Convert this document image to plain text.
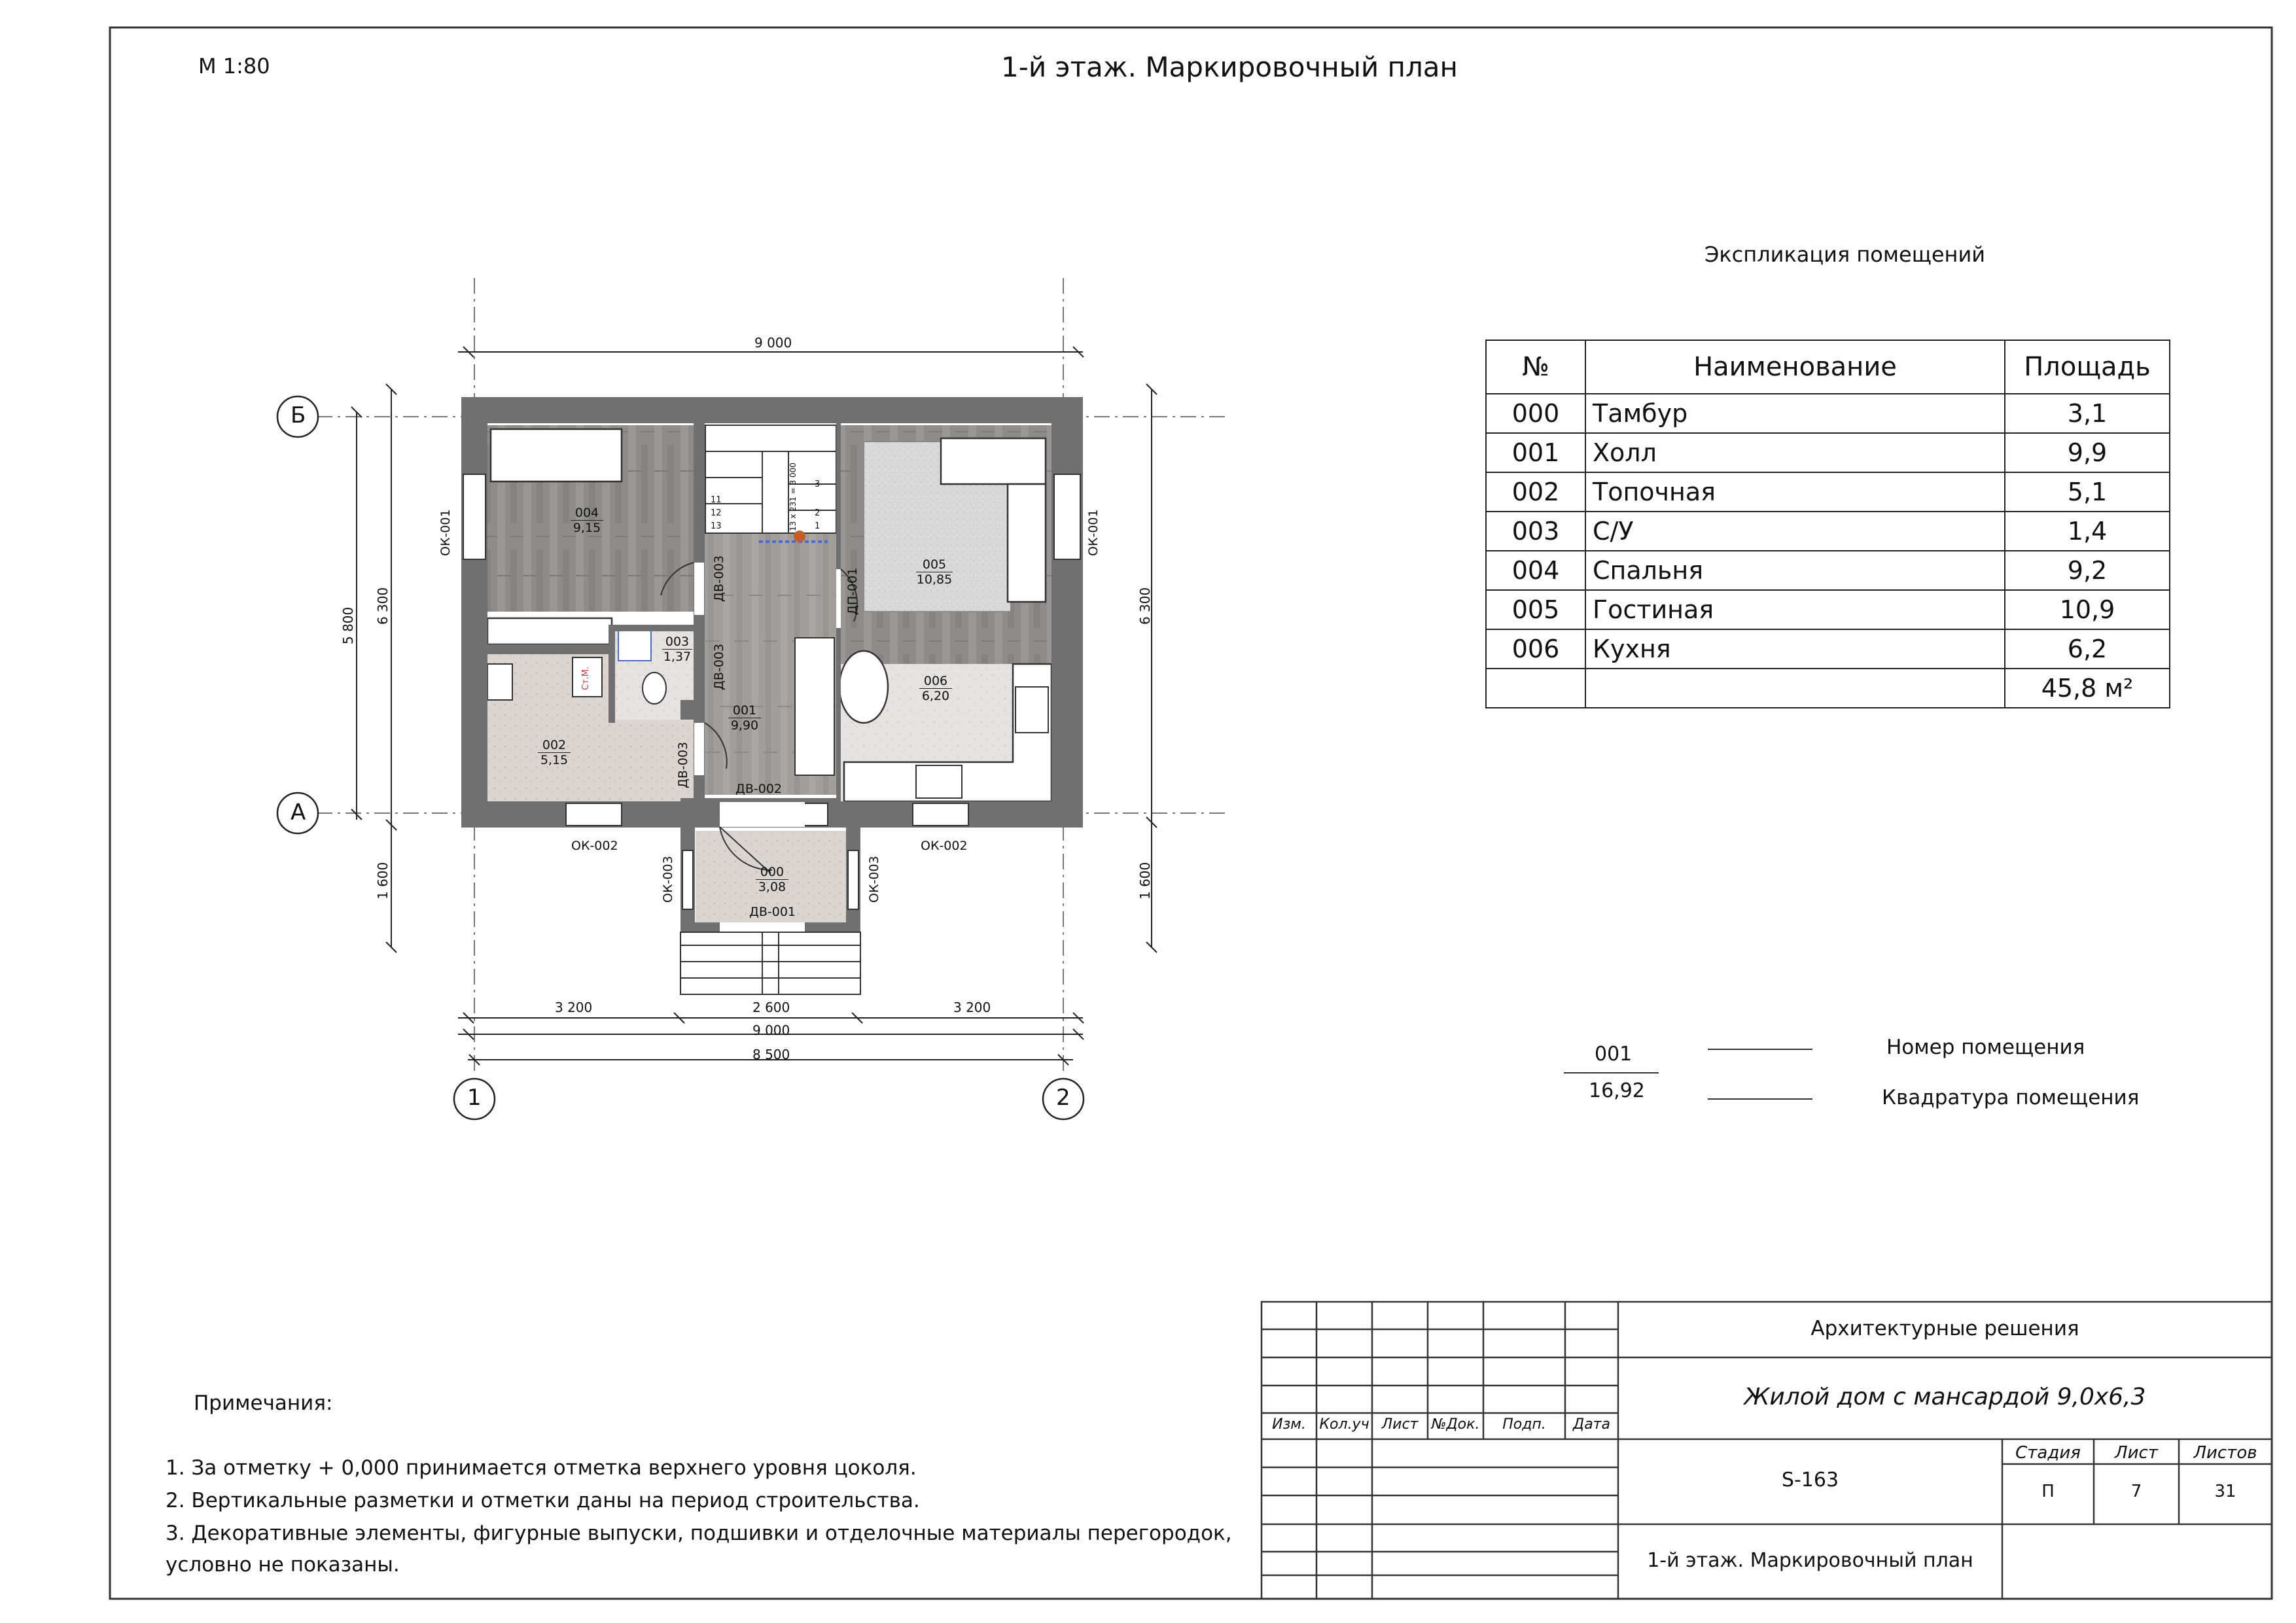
М 1:80	1-й этаж. Маркировочный план
Б
А
1	2
9 000
5 800
6 300
1 600
6 300
1 600
3 200	2 600	3 200
9 000
8 500
004
9,15
005
10,85
003
1,37
001
9,90
006
6,20
002
5,15
000
3,08
ОК-001	ОК-001
ОК-002	ОК-002
ОК-003	ОК-003
ДВ-001
ДВ-002
ДВ-003
ДВ-003
ДВ-003
ДП-001
13 х 231 = 3 000 1
2
3
11
12
13
Ст.М.
Экспликация помещений
№	Наименование	Площадь
000	Тамбур	3,1
001	Холл	9,9
002	Топочная	5,1
003	С/У	1,4
004	Спальня	9,2
005	Гостиная	10,9
006	Кухня	6,2
		45,8 м²
001
16,92
Номер помещения
Квадратура помещения
Примечания:
1. За отметку + 0,000 принимается отметка верхнего уровня цоколя.
2. Вертикальные разметки и отметки даны на период строительства.
3. Декоративные элементы, фигурные выпуски, подшивки и отделочные материалы перегородок,
условно не показаны.
Изм. Кол.уч Лист №Док.	Подп.	Дата
Архитектурные решения
Жилой дом с мансардой 9,0х6,3
S-163
Стадия	Лист	Листов
П	7	31
1-й этаж. Маркировочный план
